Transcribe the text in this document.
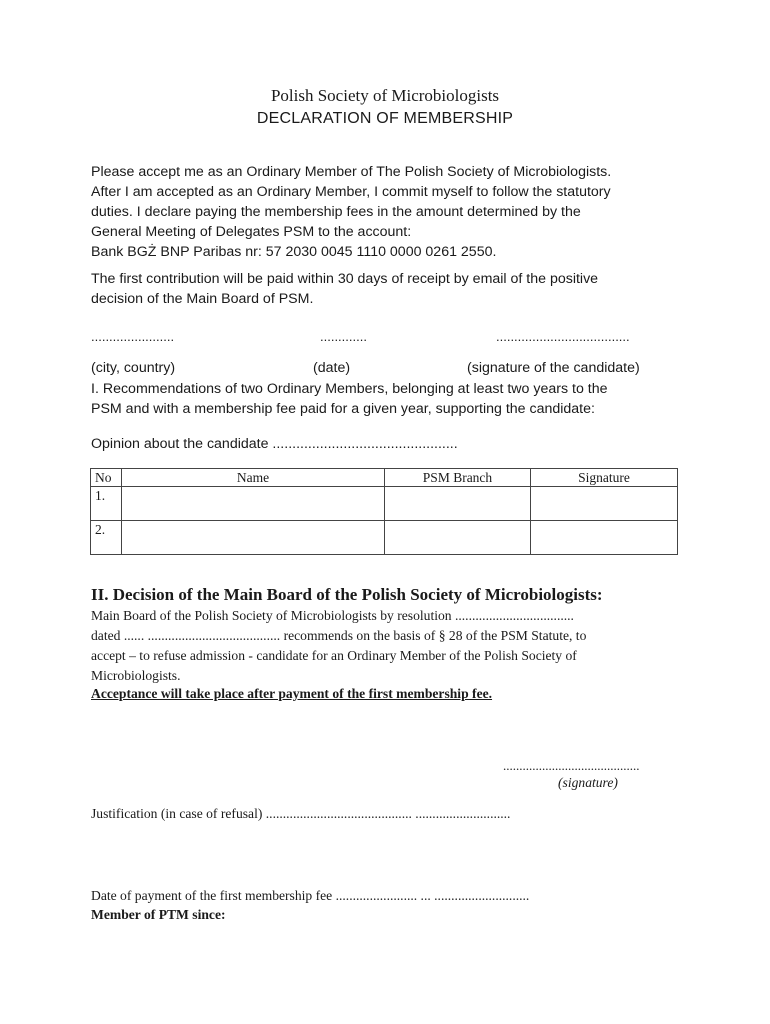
Polish Society of Microbiologists
DECLARATION OF MEMBERSHIP
Please accept me as an Ordinary Member of The Polish Society of Microbiologists.
After I am accepted as an Ordinary Member, I commit myself to follow the statutory
duties. I declare paying the membership fees in the amount determined by the
General Meeting of Delegates PSM to the account:
Bank BGŻ BNP Paribas nr: 57 2030 0045 1110 0000 0261 2550.
The first contribution will be paid within 30 days of receipt by email of the positive
decision of the Main Board of PSM.
.......................	.............	.....................................
(city, country)	(date)	(signature of the candidate)
I. Recommendations of two Ordinary Members, belonging at least two years to the
PSM and with a membership fee paid for a given year, supporting the candidate:
Opinion about the candidate ...............................................
No	Name	PSM Branch	Signature
1.			
2.			
II. Decision of the Main Board of the Polish Society of Microbiologists:
Main Board of the Polish Society of Microbiologists by resolution ...................................
dated ...... ....................................... recommends on the basis of § 28 of the PSM Statute, to
accept – to refuse admission - candidate for an Ordinary Member of the Polish Society of
Microbiologists.
Acceptance will take place after payment of the first membership fee.
..........................................
(signature)
Justification (in case of refusal) ........................................... ............................
Date of payment of the first membership fee ........................ ... ............................
Member of PTM since:
